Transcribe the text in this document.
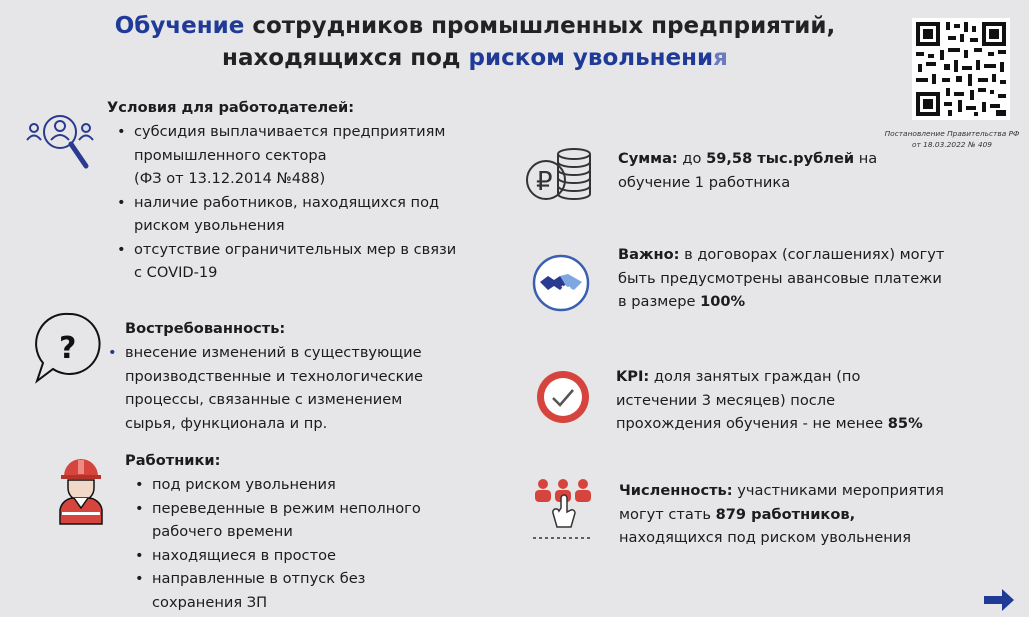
Обучение сотрудников промышленных предприятий,
находящихся под риском увольнения
Постановление Правительства РФ
от 18.03.2022 № 409
Условия для работодателей:
• субсидия выплачивается предприятиям
промышленного сектора
(ФЗ от 13.12.2014 №488)
• наличие работников, находящихся под
риском увольнения
• отсутствие ограничительных мер в связи
с COVID-19
?
Востребованность:
• внесение изменений в существующие
производственные и технологические
процессы, связанные с изменением
сырья, функционала и пр.
Работники:
• под риском увольнения
• переведенные в режим неполного
рабочего времени
• находящиеся в простое
• направленные в отпуск без
сохранения ЗП
₽
Сумма: до 59,58 тыс.рублей на
обучение 1 работника
Важно: в договорах (соглашениях) могут
быть предусмотрены авансовые платежи
в размере 100%
KPI: доля занятых граждан (по
истечении 3 месяцев) после
прохождения обучения - не менее 85%
Численность: участниками мероприятия
могут стать 879 работников,
находящихся под риском увольнения
